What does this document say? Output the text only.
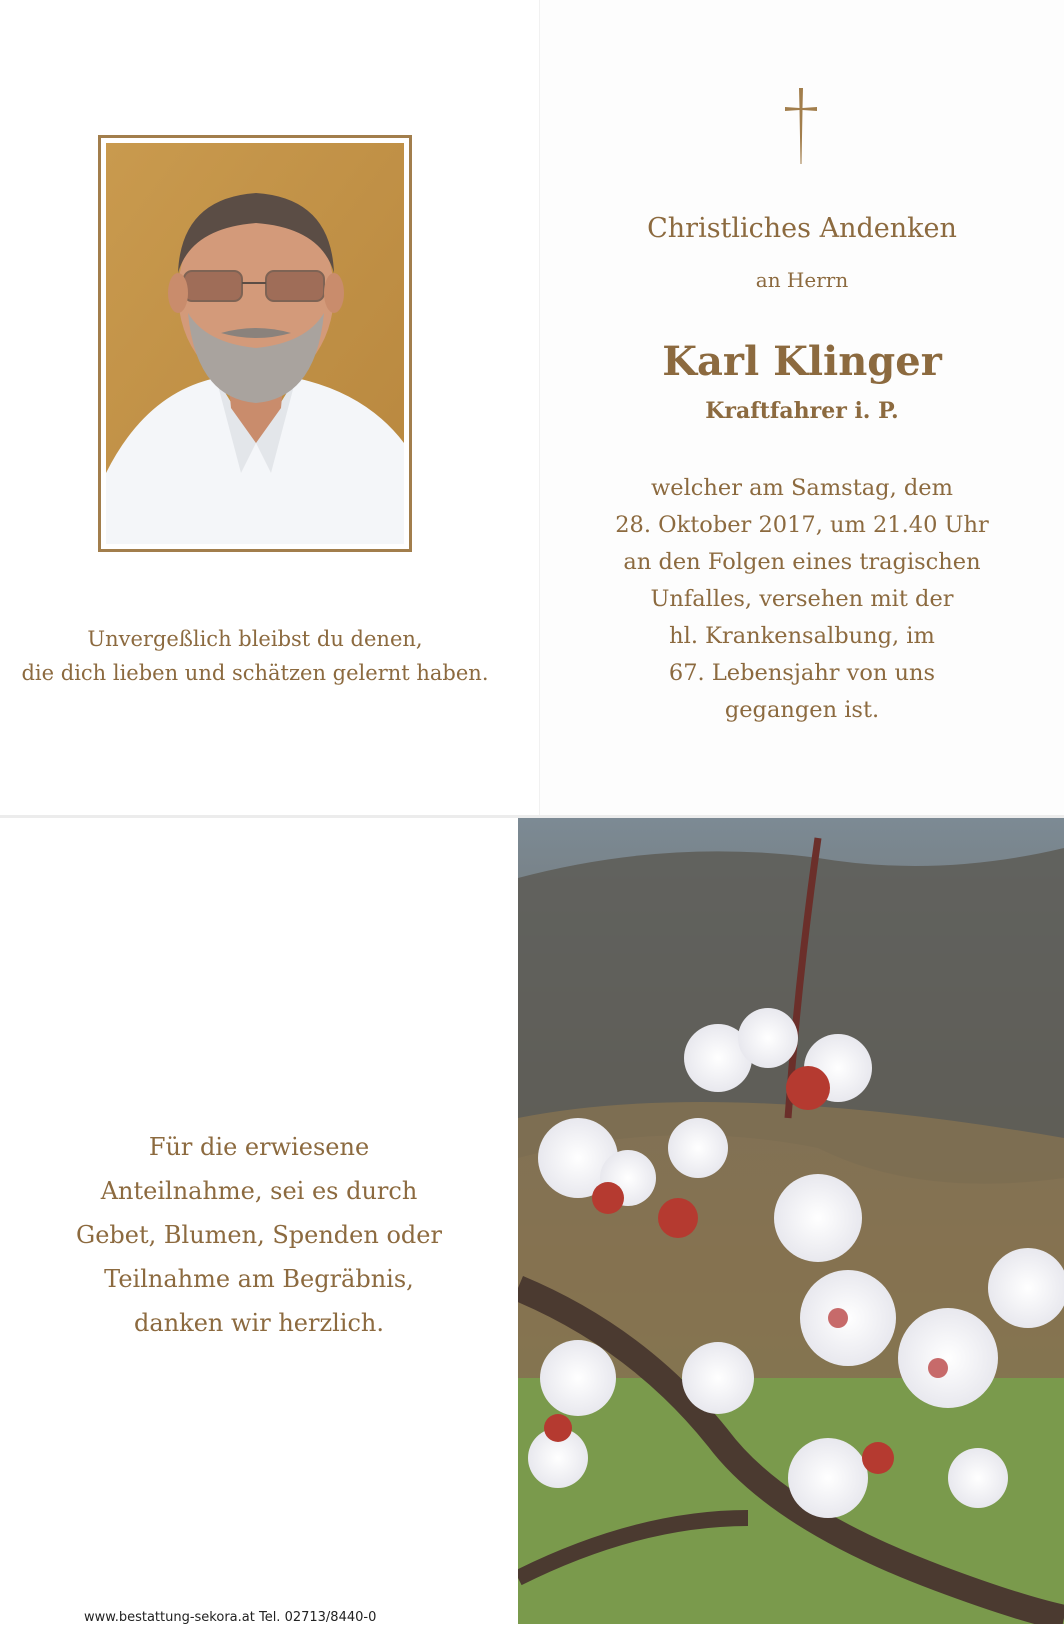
Unvergeßlich bleibst du denen,
die dich lieben und schätzen gelernt haben.
Christliches Andenken
an Herrn
Karl Klinger
Kraftfahrer i. P.
welcher am Samstag, dem
28. Oktober 2017, um 21.40 Uhr
an den Folgen eines tragischen
Unfalles, versehen mit der
hl. Krankensalbung, im
67. Lebensjahr von uns
gegangen ist.
Für die erwiesene
Anteilnahme, sei es durch
Gebet, Blumen, Spenden oder
Teilnahme am Begräbnis,
danken wir herzlich.
www.bestattung-sekora.at Tel. 02713/8440-0
